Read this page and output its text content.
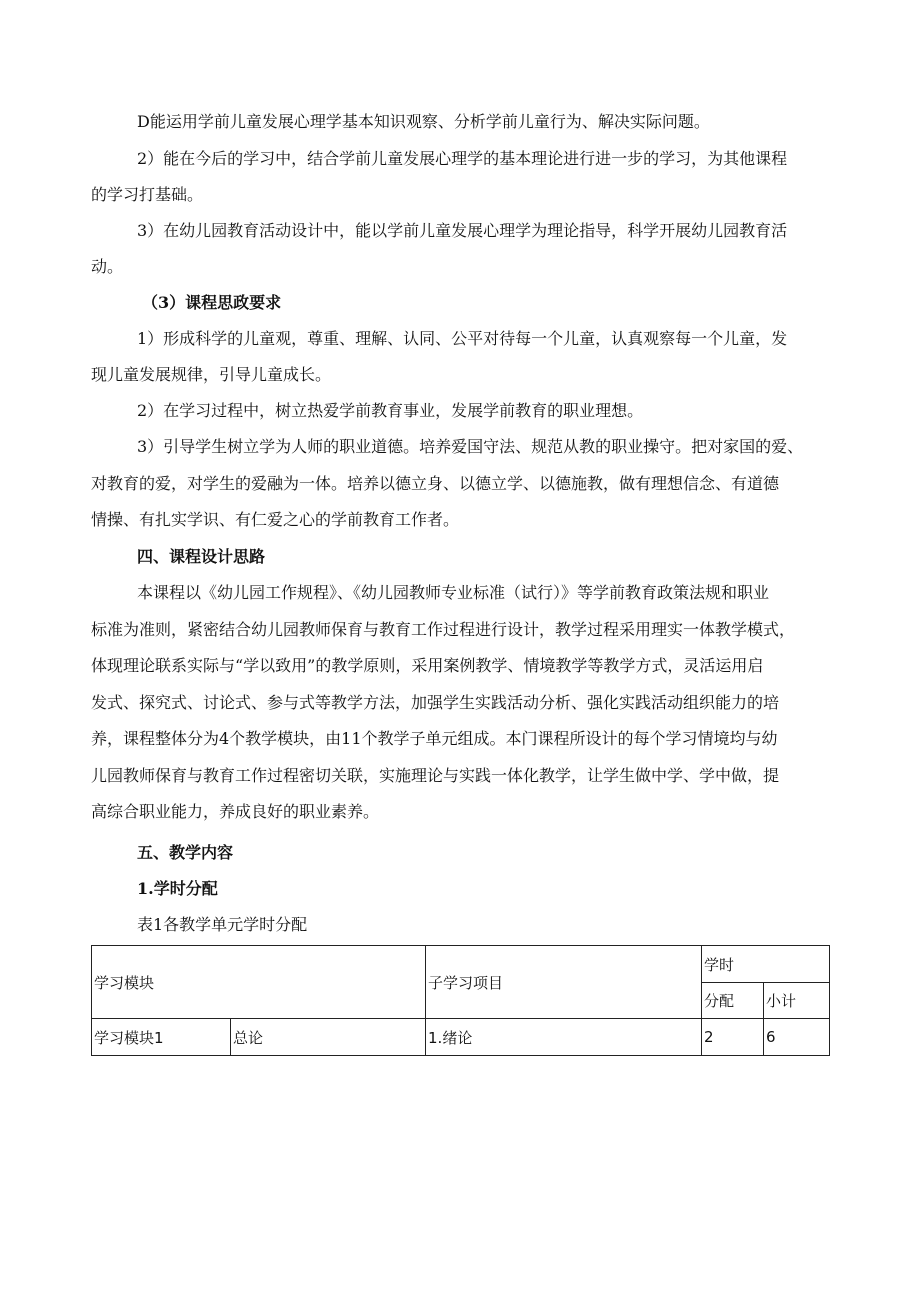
D能运用学前儿童发展心理学基本知识观察、分析学前儿童行为、解决实际问题。

2）能在今后的学习中，结合学前儿童发展心理学的基本理论进行进一步的学习，为其他课程

的学习打基础。

3）在幼儿园教育活动设计中，能以学前儿童发展心理学为理论指导，科学开展幼儿园教育活

动。

（3）课程思政要求

1）形成科学的儿童观，尊重、理解、认同、公平对待每一个儿童，认真观察每一个儿童，发

现儿童发展规律，引导儿童成长。

2）在学习过程中，树立热爱学前教育事业，发展学前教育的职业理想。

3）引导学生树立学为人师的职业道德。培养爱国守法、规范从教的职业操守。把对家国的爱、

对教育的爱，对学生的爱融为一体。培养以德立身、以德立学、以德施教，做有理想信念、有道德

情操、有扎实学识、有仁爱之心的学前教育工作者。

四、课程设计思路

本课程以《幼儿园工作规程》、《幼儿园教师专业标准（试行）》等学前教育政策法规和职业

标准为准则，紧密结合幼儿园教师保育与教育工作过程进行设计，教学过程采用理实一体教学模式，

体现理论联系实际与“学以致用”的教学原则，采用案例教学、情境教学等教学方式，灵活运用启

发式、探究式、讨论式、参与式等教学方法，加强学生实践活动分析、强化实践活动组织能力的培

养，课程整体分为4个教学模块，由11个教学子单元组成。本门课程所设计的每个学习情境均与幼

儿园教师保育与教育工作过程密切关联，实施理论与实践一体化教学，让学生做中学、学中做，提

高综合职业能力，养成良好的职业素养。

五、教学内容

1.学时分配

表1各教学单元学时分配

学习模块		子学习项目	学时	
			分配	小计
学习模块1	总论	1.绪论	2	6
